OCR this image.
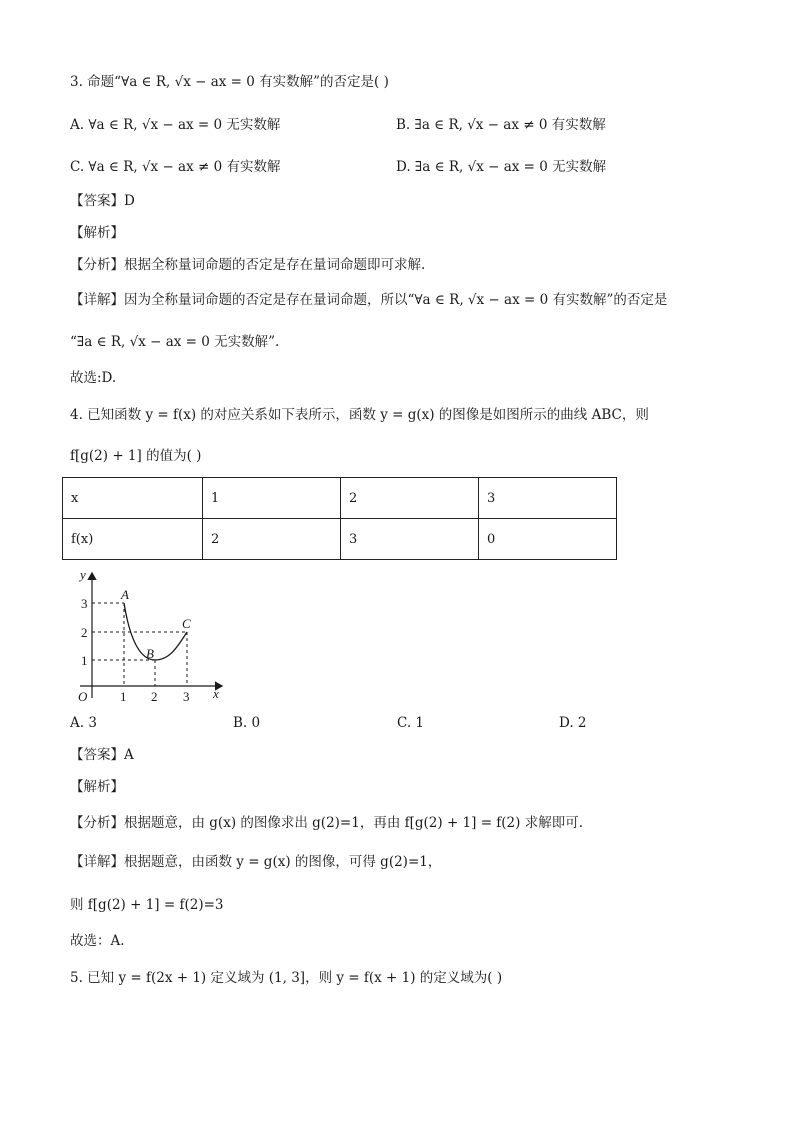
3. 命题“∀a ∈ R, √x − ax = 0 有实数解”的否定是( )
A. ∀a ∈ R, √x − ax = 0 无实数解	B. ∃a ∈ R, √x − ax ≠ 0 有实数解
C. ∀a ∈ R, √x − ax ≠ 0 有实数解	D. ∃a ∈ R, √x − ax = 0 无实数解
【答案】D
【解析】
【分析】根据全称量词命题的否定是存在量词命题即可求解.
【详解】因为全称量词命题的否定是存在量词命题，所以“∀a ∈ R, √x − ax = 0 有实数解”的否定是
“∃a ∈ R, √x − ax = 0 无实数解”.
故选:D.
4. 已知函数 y = f(x) 的对应关系如下表所示，函数 y = g(x) 的图像是如图所示的曲线 ABC，则
f[g(2) + 1] 的值为( )
x	1	2	3
f(x)	2	3	0
y
x
O
3
2
1
1 2 3
A
B
C
A. 3	B. 0	C. 1	D. 2
【答案】A
【解析】
【分析】根据题意，由 g(x) 的图像求出 g(2)=1，再由 f[g(2) + 1] = f(2) 求解即可.
【详解】根据题意，由函数 y = g(x) 的图像，可得 g(2)=1，
则 f[g(2) + 1] = f(2)=3
故选：A.
5. 已知 y = f(2x + 1) 定义域为 (1, 3]，则 y = f(x + 1) 的定义域为( )
